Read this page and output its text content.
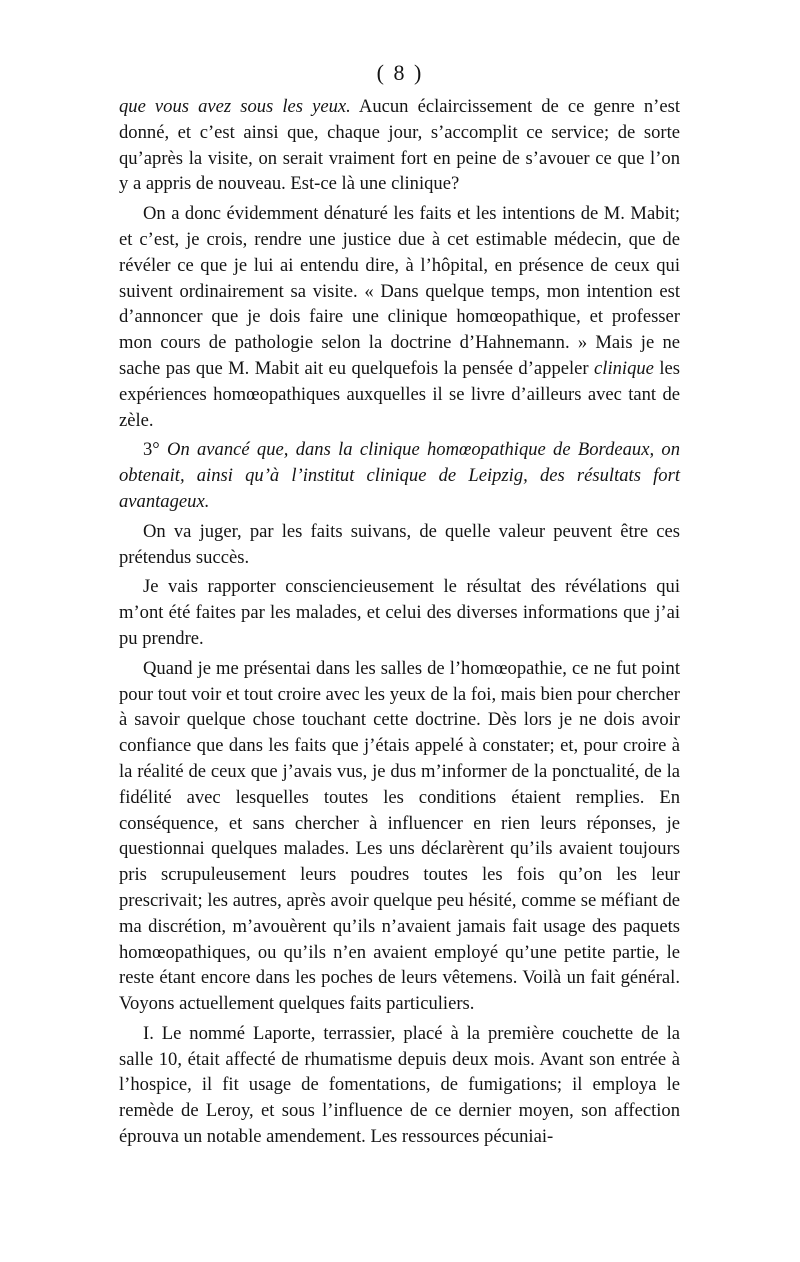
( 8 )

que vous avez sous les yeux. Aucun éclaircissement de ce genre n’est donné, et c’est ainsi que, chaque jour, s’accomplit ce service; de sorte qu’après la visite, on serait vraiment fort en peine de s’avouer ce que l’on y a appris de nouveau. Est-ce là une clinique?

On a donc évidemment dénaturé les faits et les intentions de M. Mabit; et c’est, je crois, rendre une justice due à cet estimable médecin, que de révéler ce que je lui ai entendu dire, à l’hôpital, en présence de ceux qui suivent ordinairement sa visite. « Dans quelque temps, mon intention est d’annoncer que je dois faire une clinique homœopathique, et professer mon cours de pathologie selon la doctrine d’Hahnemann. » Mais je ne sache pas que M. Mabit ait eu quelquefois la pensée d’appeler clinique les expériences homœopathiques auxquelles il se livre d’ailleurs avec tant de zèle.

3° On avancé que, dans la clinique homœopathique de Bordeaux, on obtenait, ainsi qu’à l’institut clinique de Leipzig, des résultats fort avantageux.

On va juger, par les faits suivans, de quelle valeur peuvent être ces prétendus succès.

Je vais rapporter consciencieusement le résultat des révélations qui m’ont été faites par les malades, et celui des diverses informations que j’ai pu prendre.

Quand je me présentai dans les salles de l’homœopathie, ce ne fut point pour tout voir et tout croire avec les yeux de la foi, mais bien pour chercher à savoir quelque chose touchant cette doctrine. Dès lors je ne dois avoir confiance que dans les faits que j’étais appelé à constater; et, pour croire à la réalité de ceux que j’avais vus, je dus m’informer de la ponctualité, de la fidélité avec lesquelles toutes les conditions étaient remplies. En conséquence, et sans chercher à influencer en rien leurs réponses, je questionnai quelques malades. Les uns déclarèrent qu’ils avaient toujours pris scrupuleusement leurs poudres toutes les fois qu’on les leur prescrivait; les autres, après avoir quelque peu hésité, comme se méfiant de ma discrétion, m’avouèrent qu’ils n’avaient jamais fait usage des paquets homœopathiques, ou qu’ils n’en avaient employé qu’une petite partie, le reste étant encore dans les poches de leurs vêtemens. Voilà un fait général. Voyons actuellement quelques faits particuliers.

I. Le nommé Laporte, terrassier, placé à la première couchette de la salle 10, était affecté de rhumatisme depuis deux mois. Avant son entrée à l’hospice, il fit usage de fomentations, de fumigations; il employa le remède de Leroy, et sous l’influence de ce dernier moyen, son affection éprouva un notable amendement. Les ressources pécuniai-
